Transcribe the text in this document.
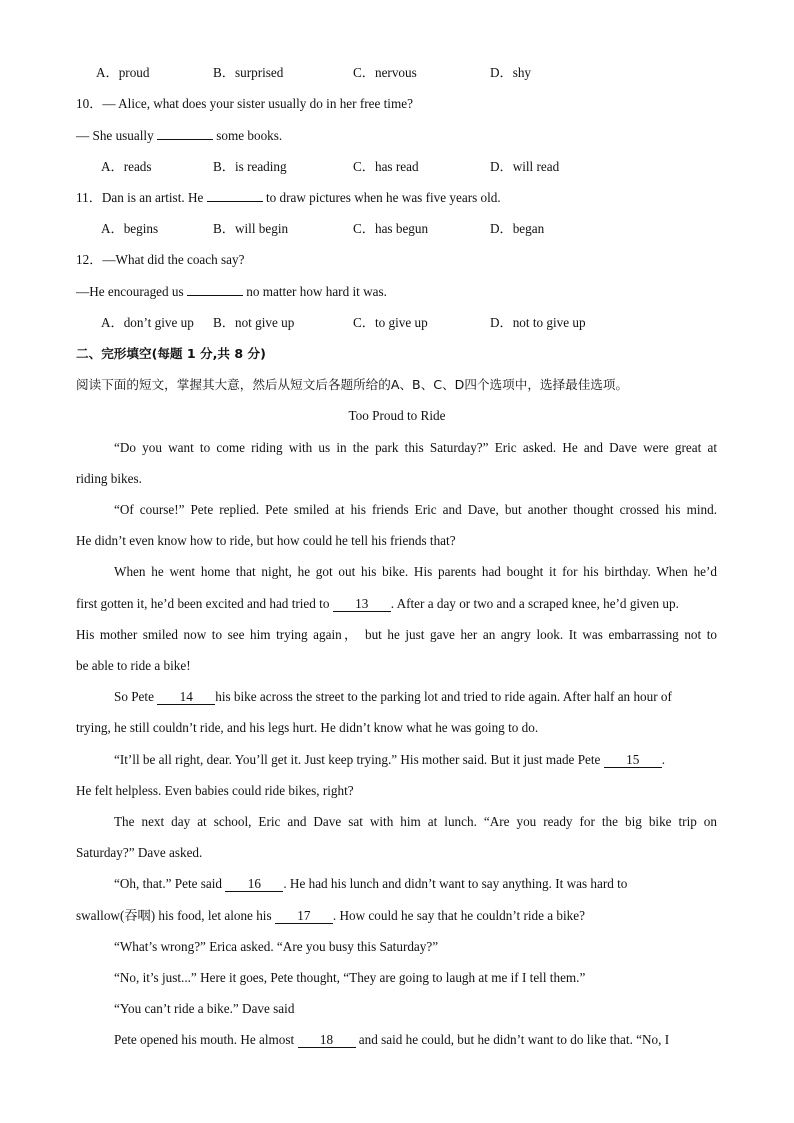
A．proud	B．surprised	C．nervous	D．shy
10．— Alice, what does your sister usually do in her free time?
— She usually	some books.
A．reads	B．is reading	C．has read	D．will read
11．Dan is an artist. He	to draw pictures when he was five years old.
A．begins	B．will begin	C．has begun	D．began
12．—What did the coach say?
—He encouraged us	no matter how hard it was.
A．don’t give up B．not give up	C．to give up	D．not to give up
二、完形填空(每题 1 分,共 8 分)
阅读下面的短文，掌握其大意，然后从短文后各题所给的A、B、C、D四个选项中，选择最佳选项。
Too Proud to Ride
“Do you want to come riding with us in the park this Saturday?” Eric asked. He and Dave were great at
riding bikes.
“Of course!” Pete replied. Pete smiled at his friends Eric and Dave, but another thought crossed his mind.
He didn’t even know how to ride, but how could he tell his friends that?
When he went home that night, he got out his bike. His parents had bought it for his birthday. When he’d
first gotten it, he’d been excited and had tried to 13 . After a day or two and a scraped knee, he’d given up.
His mother smiled now to see him trying again， but he just gave her an angry look. It was embarrassing not to
be able to ride a bike!
So Pete 14 his bike across the street to the parking lot and tried to ride again. After half an hour of
trying, he still couldn’t ride, and his legs hurt. He didn’t know what he was going to do.
“It’ll be all right, dear. You’ll get it. Just keep trying.” His mother said. But it just made Pete 15 .
He felt helpless. Even babies could ride bikes, right?
The next day at school, Eric and Dave sat with him at lunch. “Are you ready for the big bike trip on
Saturday?” Dave asked.
“Oh, that.” Pete said 16 . He had his lunch and didn’t want to say anything. It was hard to
swallow(吞咽) his food, let alone his 17 . How could he say that he couldn’t ride a bike?
“What’s wrong?” Erica asked. “Are you busy this Saturday?”
“No, it’s just...” Here it goes, Pete thought, “They are going to laugh at me if I tell them.”
“You can’t ride a bike.” Dave said
Pete opened his mouth. He almost 18 and said he could, but he didn’t want to do like that. “No, I
